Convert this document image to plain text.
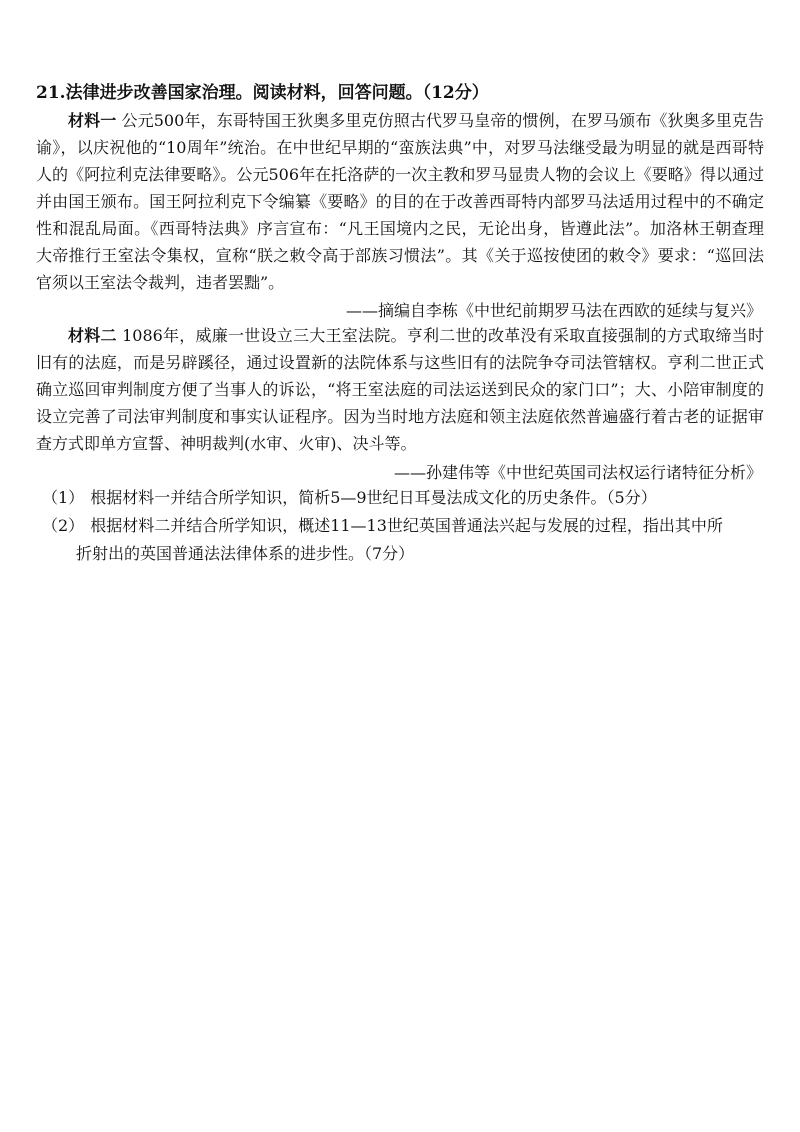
21.法律进步改善国家治理。阅读材料，回答问题。（12分）
材料一 公元500年，东哥特国王狄奥多里克仿照古代罗马皇帝的惯例，在罗马颁布《狄奥多里克告谕》，以庆祝他的“10周年”统治。在中世纪早期的“蛮族法典”中，对罗马法继受最为明显的就是西哥特人的《阿拉利克法律要略》。公元506年在托洛萨的一次主教和罗马显贵人物的会议上《要略》得以通过并由国王颁布。国王阿拉利克下令编纂《要略》的目的在于改善西哥特内部罗马法适用过程中的不确定性和混乱局面。《西哥特法典》序言宣布：“凡王国境内之民，无论出身，皆遵此法”。加洛林王朝查理大帝推行王室法令集权，宣称“朕之敕令高于部族习惯法”。其《关于巡按使团的敕令》要求：“巡回法官须以王室法令裁判，违者罢黜”。
——摘编自李栋《中世纪前期罗马法在西欧的延续与复兴》
材料二 1086年，威廉一世设立三大王室法院。亨利二世的改革没有采取直接强制的方式取缔当时旧有的法庭，而是另辟蹊径，通过设置新的法院体系与这些旧有的法院争夺司法管辖权。亨利二世正式确立巡回审判制度方便了当事人的诉讼，“将王室法庭的司法运送到民众的家门口”；大、小陪审制度的设立完善了司法审判制度和事实认证程序。因为当时地方法庭和领主法庭依然普遍盛行着古老的证据审查方式即单方宣誓、神明裁判(水审、火审)、决斗等。
——孙建伟等《中世纪英国司法权运行诸特征分析》
（1） 根据材料一并结合所学知识，简析5—9世纪日耳曼法成文化的历史条件。（5分）
（2） 根据材料二并结合所学知识，概述11—13世纪英国普通法兴起与发展的过程，指出其中所
折射出的英国普通法法律体系的进步性。（7分）
